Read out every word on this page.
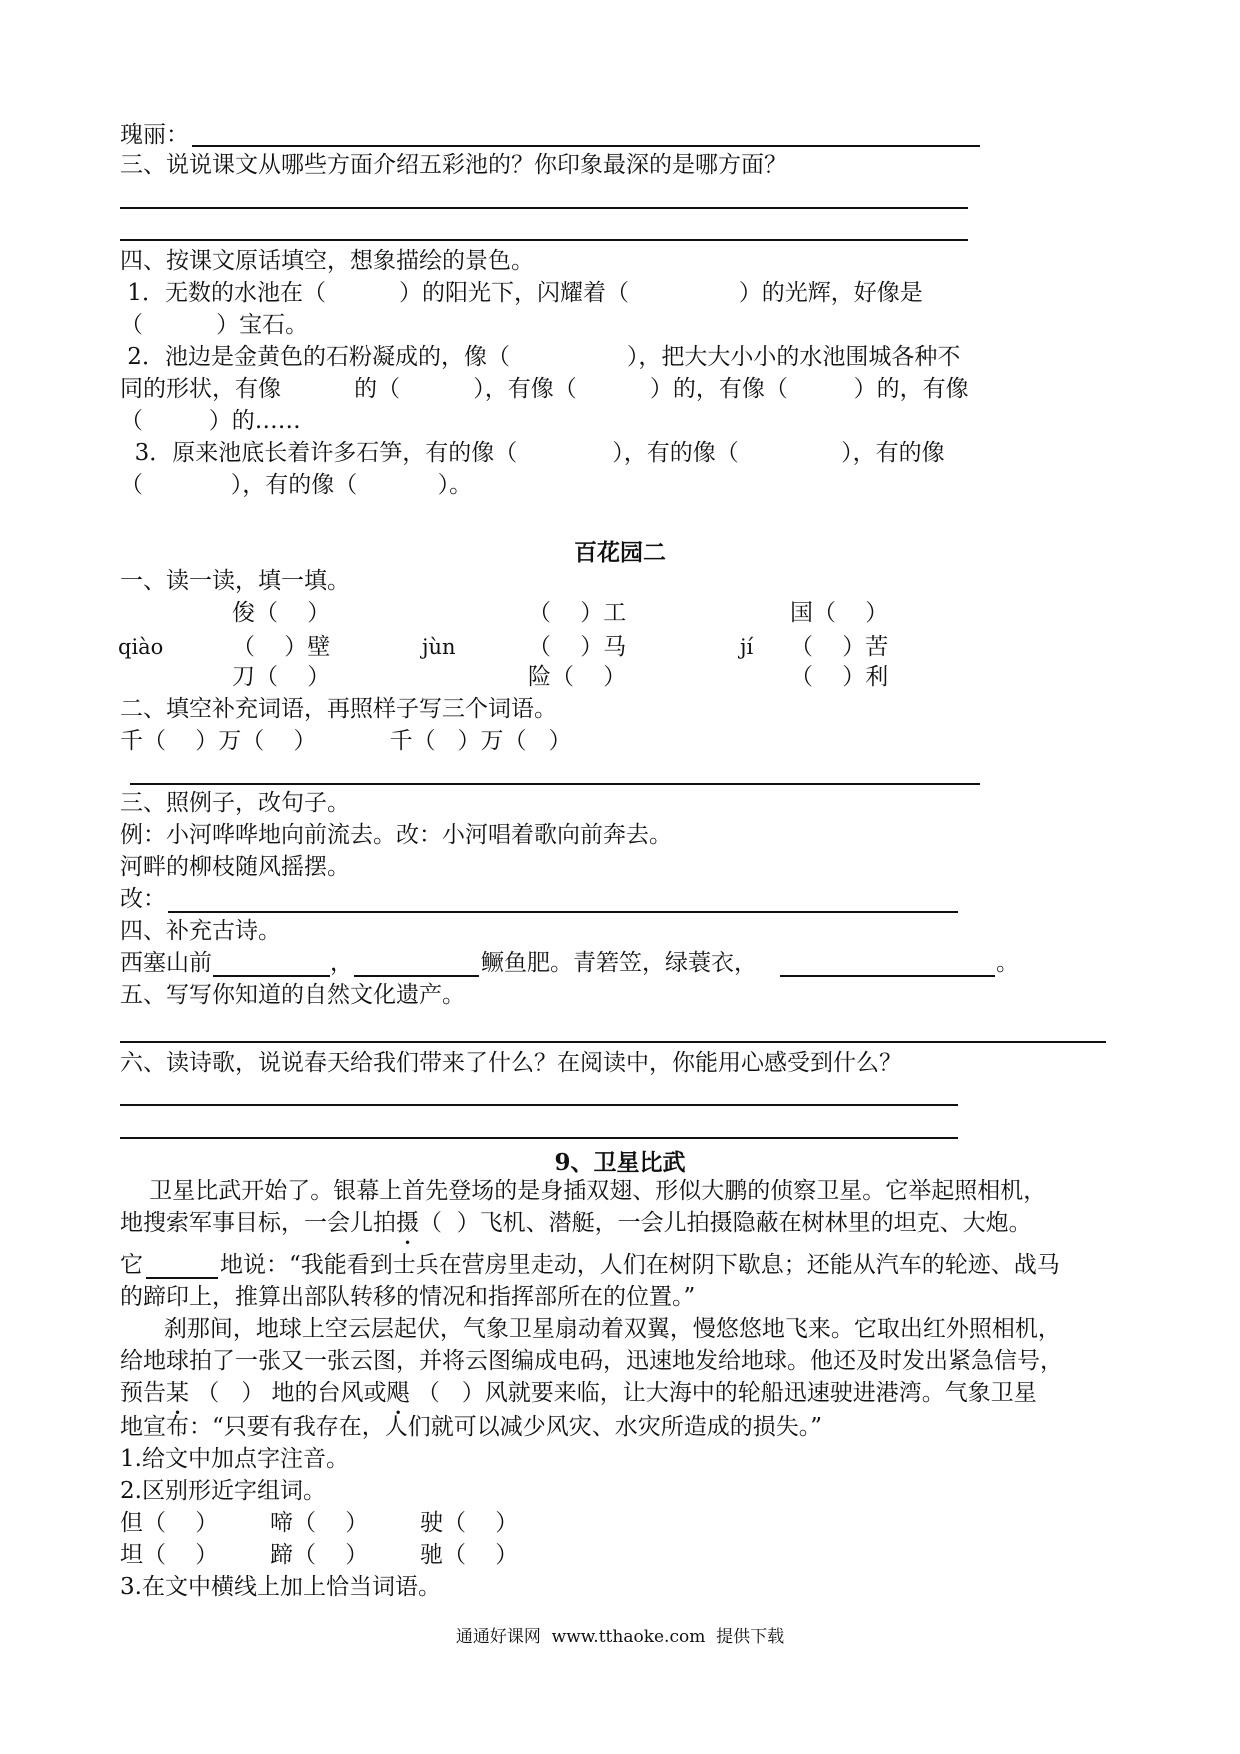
瑰丽：
三、说说课文从哪些方面介绍五彩池的？你印象最深的是哪方面？
四、按课文原话填空，想象描绘的景色。
1．无数的水池在（          ）的阳光下，闪耀着（               ）的光辉，好像是
（          ）宝石。
2．池边是金黄色的石粉凝成的，像（                ），把大大小小的水池围城各种不
同的形状，有像          的（          ），有像（          ）的，有像（         ）的，有像
（         ）的……
3．原来池底长着许多石笋，有的像（             ），有的像（              ），有的像
（            ），有的像（           ）。
百花园二
一、读一读，填一填。
俊（    ）	（    ）工	国（    ）
qiào	（    ）壁	jùn	（    ）马	jí （    ）苦
刀（    ）	险（    ）	（    ）利
二、填空补充词语，再照样子写三个词语。
千（    ）万（    ）          千（   ）万（   ）
三、照例子，改句子。
例：小河哗哗地向前流去。改：小河唱着歌向前奔去。
河畔的柳枝随风摇摆。
改：
四、补充古诗。
西塞山前	，	鳜鱼肥。青箬笠，绿蓑衣，	。
五、写写你知道的自然文化遗产。
六、读诗歌，说说春天给我们带来了什么？在阅读中，你能用心感受到什么？
9、卫星比武
卫星比武开始了。银幕上首先登场的是身插双翅、形似大鹏的侦察卫星。它举起照相机，
地搜索军事目标，一会儿拍摄（  ）飞机、潜艇，一会儿拍摄隐蔽在树林里的坦克、大炮。
它	地说：“我能看到士兵在营房里走动，人们在树阴下歇息；还能从汽车的轮迹、战马
的蹄印上，推算出部队转移的情况和指挥部所在的位置。”
刹那间，地球上空云层起伏，气象卫星扇动着双翼，慢悠悠地飞来。它取出红外照相机，
给地球拍了一张又一张云图，并将云图编成电码，迅速地发给地球。他还及时发出紧急信号，
预告某 （   ） 地的台风或飓 （   ）风就要来临，让大海中的轮船迅速驶进港湾。气象卫星
地宣布：“只要有我存在，人们就可以减少风灾、水灾所造成的损失。”
1.给文中加点字注音。
2.区别形近字组词。
但（    ） 啼（    ） 驶（    ）
坦（    ） 蹄（    ） 驰（    ）
3.在文中横线上加上恰当词语。
通通好课网  www.tthaoke.com  提供下载
